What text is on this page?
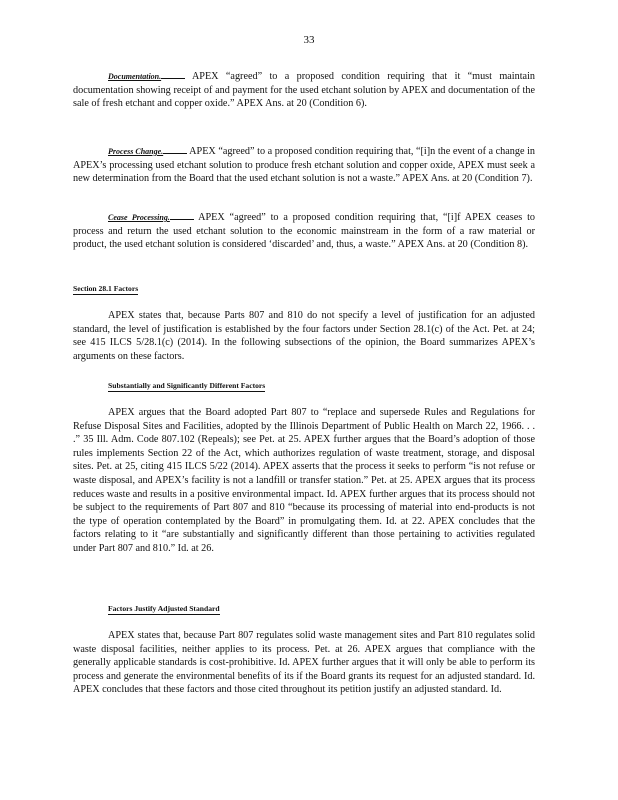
33

Documentation.	APEX “agreed” to a proposed condition requiring that it “must maintain documentation showing receipt of and payment for the used etchant solution by APEX and documentation of the sale of fresh etchant and copper oxide.” APEX Ans. at 20 (Condition 6).

Process Change.	APEX “agreed” to a proposed condition requiring that, “[i]n the event of a change in APEX’s processing used etchant solution to produce fresh etchant solution and copper oxide, APEX must seek a new determination from the Board that the used etchant solution is not a waste.” APEX Ans. at 20 (Condition 7).

Cease Processing.	APEX “agreed” to a proposed condition requiring that, “[i]f APEX ceases to process and return the used etchant solution to the economic mainstream in the form of a raw material or product, the used etchant solution is considered ‘discarded’ and, thus, a waste.” APEX Ans. at 20 (Condition 8).

Section 28.1 Factors

APEX states that, because Parts 807 and 810 do not specify a level of justification for an adjusted standard, the level of justification is established by the four factors under Section 28.1(c) of the Act. Pet. at 24; see 415 ILCS 5/28.1(c) (2014). In the following subsections of the opinion, the Board summarizes APEX’s arguments on these factors.

Substantially and Significantly Different Factors

APEX argues that the Board adopted Part 807 to “replace and supersede Rules and Regulations for Refuse Disposal Sites and Facilities, adopted by the Illinois Department of Public Health on March 22, 1966. . . .” 35 Ill. Adm. Code 807.102 (Repeals); see Pet. at 25. APEX further argues that the Board’s adoption of those rules implements Section 22 of the Act, which authorizes regulation of waste treatment, storage, and disposal sites. Pet. at 25, citing 415 ILCS 5/22 (2014). APEX asserts that the process it seeks to perform “is not refuse or waste disposal, and APEX’s facility is not a landfill or transfer station.” Pet. at 25. APEX argues that its process reduces waste and results in a positive environmental impact. Id. APEX further argues that its process should not be subject to the requirements of Part 807 and 810 “because its processing of material into end-products is not the type of operation contemplated by the Board” in promulgating them. Id. at 22. APEX concludes that the factors relating to it “are substantially and significantly different than those pertaining to activities regulated under Part 807 and 810.” Id. at 26.

Factors Justify Adjusted Standard

APEX states that, because Part 807 regulates solid waste management sites and Part 810 regulates solid waste disposal facilities, neither applies to its process. Pet. at 26. APEX argues that compliance with the generally applicable standards is cost-prohibitive. Id. APEX further argues that it will only be able to perform its process and generate the environmental benefits of its if the Board grants its request for an adjusted standard. Id. APEX concludes that these factors and those cited throughout its petition justify an adjusted standard. Id.
